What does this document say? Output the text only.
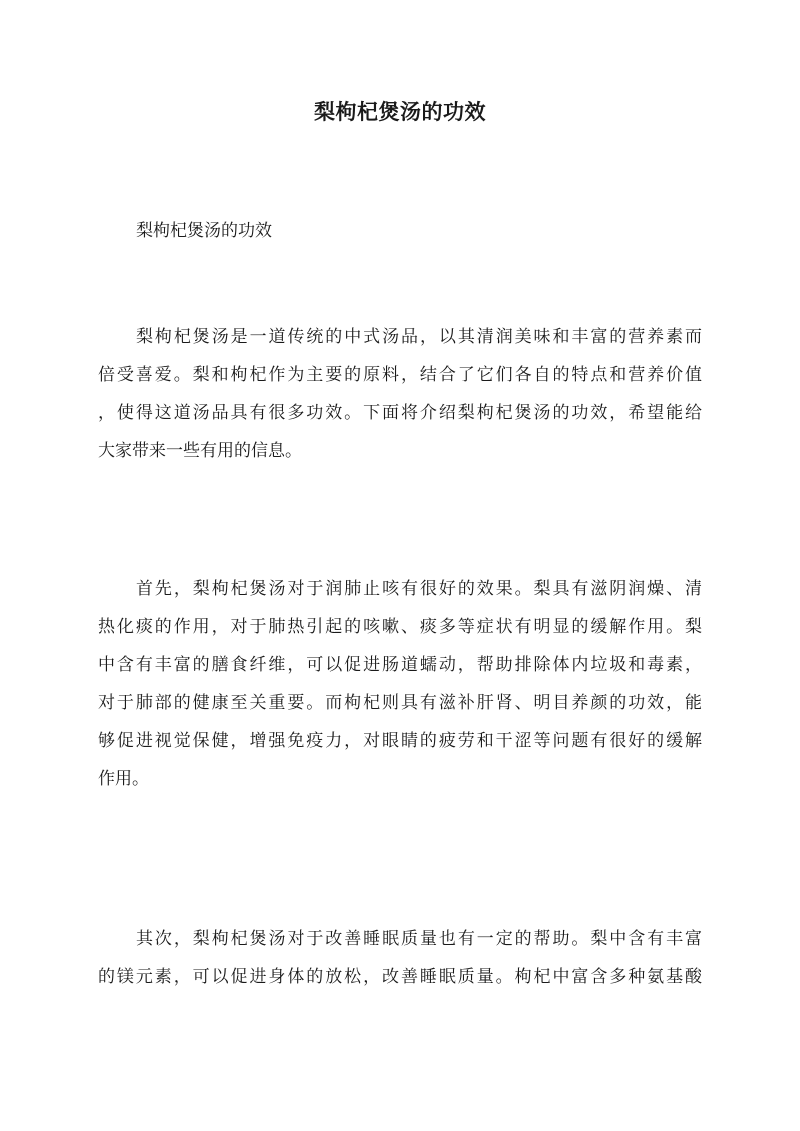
梨枸杞煲汤的功效

梨枸杞煲汤的功效

梨枸杞煲汤是一道传统的中式汤品，以其清润美味和丰富的营养素而
倍受喜爱。梨和枸杞作为主要的原料，结合了它们各自的特点和营养价值
，使得这道汤品具有很多功效。下面将介绍梨枸杞煲汤的功效，希望能给
大家带来一些有用的信息。
首先，梨枸杞煲汤对于润肺止咳有很好的效果。梨具有滋阴润燥、清
热化痰的作用，对于肺热引起的咳嗽、痰多等症状有明显的缓解作用。梨
中含有丰富的膳食纤维，可以促进肠道蠕动，帮助排除体内垃圾和毒素，
对于肺部的健康至关重要。而枸杞则具有滋补肝肾、明目养颜的功效，能
够促进视觉保健，增强免疫力，对眼睛的疲劳和干涩等问题有很好的缓解
作用。
其次，梨枸杞煲汤对于改善睡眠质量也有一定的帮助。梨中含有丰富
的镁元素，可以促进身体的放松，改善睡眠质量。枸杞中富含多种氨基酸
